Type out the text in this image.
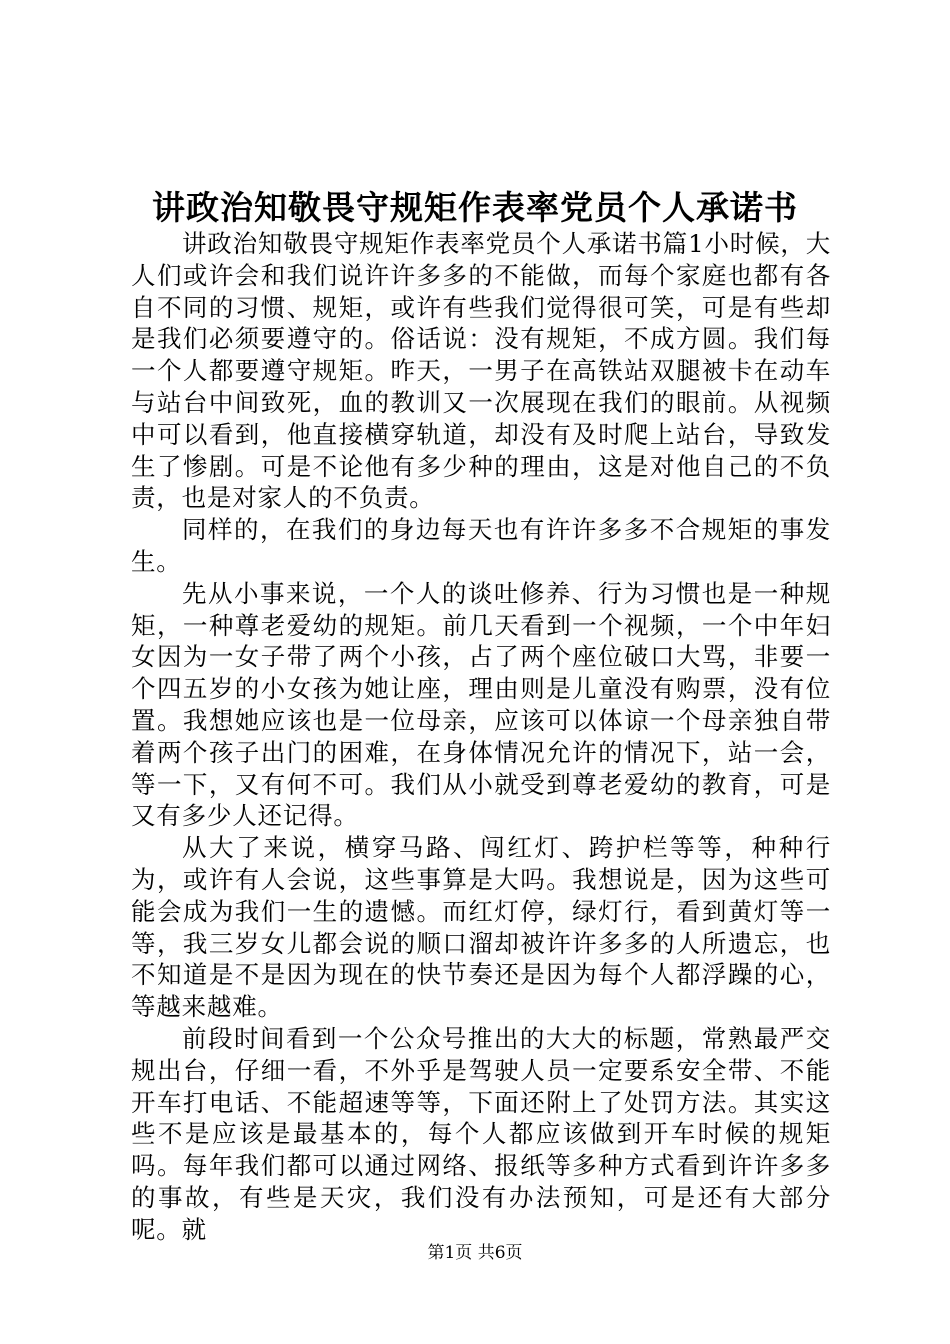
讲政治知敬畏守规矩作表率党员个人承诺书

讲政治知敬畏守规矩作表率党员个人承诺书篇1小时候，大人们或许会和我们说许许多多的不能做，而每个家庭也都有各自不同的习惯、规矩，或许有些我们觉得很可笑，可是有些却是我们必须要遵守的。俗话说：没有规矩，不成方圆。我们每一个人都要遵守规矩。昨天，一男子在高铁站双腿被卡在动车与站台中间致死，血的教训又一次展现在我们的眼前。从视频中可以看到，他直接横穿轨道，却没有及时爬上站台，导致发生了惨剧。可是不论他有多少种的理由，这是对他自己的不负责，也是对家人的不负责。

同样的，在我们的身边每天也有许许多多不合规矩的事发生。

先从小事来说，一个人的谈吐修养、行为习惯也是一种规矩，一种尊老爱幼的规矩。前几天看到一个视频，一个中年妇女因为一女子带了两个小孩，占了两个座位破口大骂，非要一个四五岁的小女孩为她让座，理由则是儿童没有购票，没有位置。我想她应该也是一位母亲，应该可以体谅一个母亲独自带着两个孩子出门的困难，在身体情况允许的情况下，站一会，等一下，又有何不可。我们从小就受到尊老爱幼的教育，可是又有多少人还记得。

从大了来说，横穿马路、闯红灯、跨护栏等等，种种行为，或许有人会说，这些事算是大吗。我想说是，因为这些可能会成为我们一生的遗憾。而红灯停，绿灯行，看到黄灯等一等，我三岁女儿都会说的顺口溜却被许许多多的人所遗忘，也不知道是不是因为现在的快节奏还是因为每个人都浮躁的心，等越来越难。

前段时间看到一个公众号推出的大大的标题，常熟最严交规出台，仔细一看，不外乎是驾驶人员一定要系安全带、不能开车打电话、不能超速等等，下面还附上了处罚方法。其实这些不是应该是最基本的，每个人都应该做到开车时候的规矩吗。每年我们都可以通过网络、报纸等多种方式看到许许多多的事故，有些是天灾，我们没有办法预知，可是还有大部分呢。就

第1页 共6页
